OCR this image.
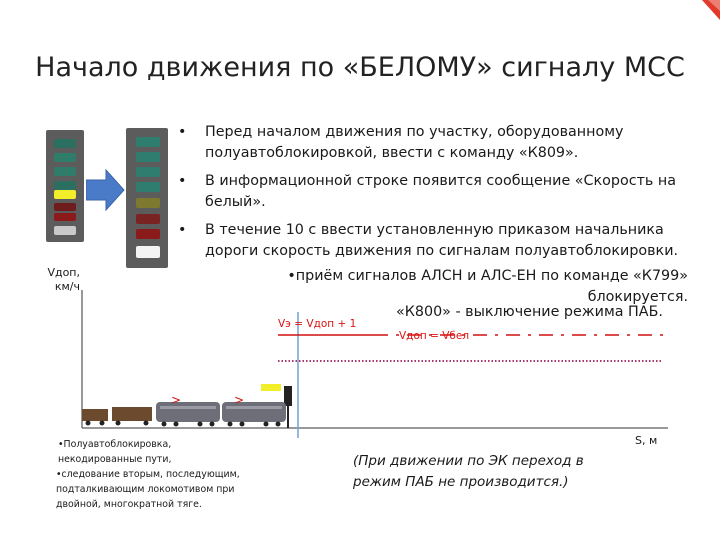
Начало движения по «БЕЛОМУ» сигналу МСС
• Перед началом движения по участку, оборудованному полуавтоблокировкой, ввести с команду «К809».
• В информационной строке появится сообщение «Скорость на белый».
• В течение 10 с ввести установленную приказом начальника дороги скорость движения по сигналам полуавтоблокировки.
•приём сигналов АЛСН и АЛС-ЕН по команде «К799» блокируется.
«К800» - выключение режима ПАБ.
Vдоп,
км/ч
S, м
>	>
Vэ = Vдоп + 1
Vдоп = Vбел
(При движении по ЭК переход в режим ПАБ не производится.)
•Полуавтоблокировка, некодированные пути,
•следование вторым, последующим, подталкивающим локомотивом при двойной, многократной тяге.
